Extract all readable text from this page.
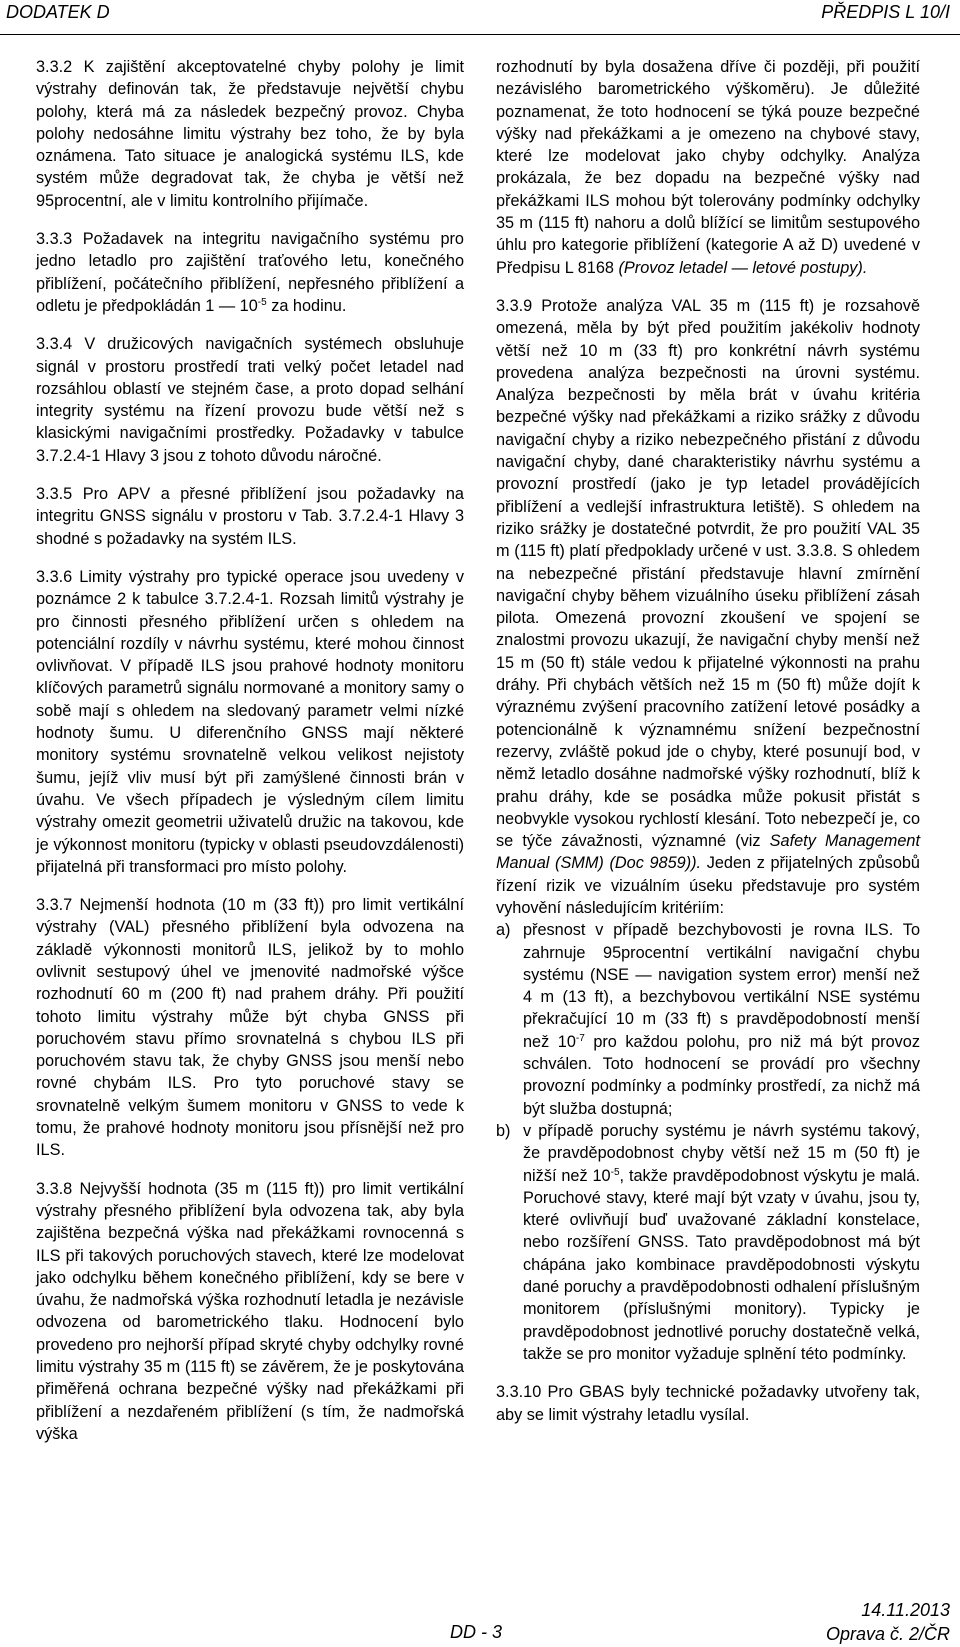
DODATEK D	PŘEDPIS L 10/I

3.3.2 K zajištění akceptovatelné chyby polohy je limit výstrahy definován tak, že představuje největší chybu polohy, která má za následek bezpečný provoz. Chyba polohy nedosáhne limitu výstrahy bez toho, že by byla oznámena. Tato situace je analogická systému ILS, kde systém může degradovat tak, že chyba je větší než 95procentní, ale v limitu kontrolního přijímače.

3.3.3 Požadavek na integritu navigačního systému pro jedno letadlo pro zajištění traťového letu, konečného přiblížení, počátečního přiblížení, nepřesného přiblížení a odletu je předpokládán 1 — $10^{-5}$ za hodinu.

3.3.4 V družicových navigačních systémech obsluhuje signál v prostoru prostředí trati velký počet letadel nad rozsáhlou oblastí ve stejném čase, a proto dopad selhání integrity systému na řízení provozu bude větší než s klasickými navigačními prostředky. Požadavky v tabulce 3.7.2.4-1 Hlavy 3 jsou z tohoto důvodu náročné.

3.3.5 Pro APV a přesné přiblížení jsou požadavky na integritu GNSS signálu v prostoru v Tab. 3.7.2.4-1 Hlavy 3 shodné s požadavky na systém ILS.

3.3.6 Limity výstrahy pro typické operace jsou uvedeny v poznámce 2 k tabulce 3.7.2.4-1. Rozsah limitů výstrahy je pro činnosti přesného přiblížení určen s ohledem na potenciální rozdíly v návrhu systému, které mohou činnost ovlivňovat. V případě ILS jsou prahové hodnoty monitoru klíčových parametrů signálu normované a monitory samy o sobě mají s ohledem na sledovaný parametr velmi nízké hodnoty šumu. U diferenčního GNSS mají některé monitory systému srovnatelně velkou velikost nejistoty šumu, jejíž vliv musí být při zamýšlené činnosti brán v úvahu. Ve všech případech je výsledným cílem limitu výstrahy omezit geometrii uživatelů družic na takovou, kde je výkonnost monitoru (typicky v oblasti pseudovzdálenosti) přijatelná při transformaci pro místo polohy.

3.3.7 Nejmenší hodnota (10 m (33 ft)) pro limit vertikální výstrahy (VAL) přesného přiblížení byla odvozena na základě výkonnosti monitorů ILS, jelikož by to mohlo ovlivnit sestupový úhel ve jmenovité nadmořské výšce rozhodnutí 60 m (200 ft) nad prahem dráhy. Při použití tohoto limitu výstrahy může být chyba GNSS při poruchovém stavu přímo srovnatelná s chybou ILS při poruchovém stavu tak, že chyby GNSS jsou menší nebo rovné chybám ILS. Pro tyto poruchové stavy se srovnatelně velkým šumem monitoru v GNSS to vede k tomu, že prahové hodnoty monitoru jsou přísnější než pro ILS.

3.3.8 Nejvyšší hodnota (35 m (115 ft)) pro limit vertikální výstrahy přesného přiblížení byla odvozena tak, aby byla zajištěna bezpečná výška nad překážkami rovnocenná s ILS při takových poruchových stavech, které lze modelovat jako odchylku během konečného přiblížení, kdy se bere v úvahu, že nadmořská výška rozhodnutí letadla je nezávisle odvozena od barometrického tlaku. Hodnocení bylo provedeno pro nejhorší případ skryté chyby odchylky rovné limitu výstrahy 35 m (115 ft) se závěrem, že je poskytována přiměřená ochrana bezpečné výšky nad překážkami při přiblížení a nezdařeném přiblížení (s tím, že nadmořská výška

rozhodnutí by byla dosažena dříve či později, při použití nezávislého barometrického výškoměru). Je důležité poznamenat, že toto hodnocení se týká pouze bezpečné výšky nad překážkami a je omezeno na chybové stavy, které lze modelovat jako chyby odchylky. Analýza prokázala, že bez dopadu na bezpečné výšky nad překážkami ILS mohou být tolerovány podmínky odchylky 35 m (115 ft) nahoru a dolů blížící se limitům sestupového úhlu pro kategorie přiblížení (kategorie A až D) uvedené v Předpisu L 8168 (Provoz letadel — letové postupy).

3.3.9 Protože analýza VAL 35 m (115 ft) je rozsahově omezená, měla by být před použitím jakékoliv hodnoty větší než 10 m (33 ft) pro konkrétní návrh systému provedena analýza bezpečnosti na úrovni systému. Analýza bezpečnosti by měla brát v úvahu kritéria bezpečné výšky nad překážkami a riziko srážky z důvodu navigační chyby a riziko nebezpečného přistání z důvodu navigační chyby, dané charakteristiky návrhu systému a provozní prostředí (jako je typ letadel provádějících přiblížení a vedlejší infrastruktura letiště). S ohledem na riziko srážky je dostatečné potvrdit, že pro použití VAL 35 m (115 ft) platí předpoklady určené v ust. 3.3.8. S ohledem na nebezpečné přistání představuje hlavní zmírnění navigační chyby během vizuálního úseku přiblížení zásah pilota. Omezená provozní zkoušení ve spojení se znalostmi provozu ukazují, že navigační chyby menší než 15 m (50 ft) stále vedou k přijatelné výkonnosti na prahu dráhy. Při chybách větších než 15 m (50 ft) může dojít k výraznému zvýšení pracovního zatížení letové posádky a potencionálně k významnému snížení bezpečnostní rezervy, zvláště pokud jde o chyby, které posunují bod, v němž letadlo dosáhne nadmořské výšky rozhodnutí, blíž k prahu dráhy, kde se posádka může pokusit přistát s neobvykle vysokou rychlostí klesání. Toto nebezpečí je, co se týče závažnosti, významné (viz Safety Management Manual (SMM) (Doc 9859)). Jeden z přijatelných způsobů řízení rizik ve vizuálním úseku představuje pro systém vyhovění následujícím kritériím:

a) přesnost v případě bezchybovosti je rovna ILS. To zahrnuje 95procentní vertikální navigační chybu systému (NSE — navigation system error) menší než 4 m (13 ft), a bezchybovou vertikální NSE systému překračující 10 m (33 ft) s pravděpodobností menší než $10^{-7}$ pro každou polohu, pro niž má být provoz schválen. Toto hodnocení se provádí pro všechny provozní podmínky a podmínky prostředí, za nichž má být služba dostupná;
b) v případě poruchy systému je návrh systému takový, že pravděpodobnost chyby větší než 15 m (50 ft) je nižší než $10^{-5}$, takže pravděpodobnost výskytu je malá. Poruchové stavy, které mají být vzaty v úvahu, jsou ty, které ovlivňují buď uvažované základní konstelace, nebo rozšíření GNSS. Tato pravděpodobnost má být chápána jako kombinace pravděpodobnosti výskytu dané poruchy a pravděpodobnosti odhalení příslušným monitorem (příslušnými monitory). Typicky je pravděpodobnost jednotlivé poruchy dostatečně velká, takže se pro monitor vyžaduje splnění této podmínky.

3.3.10 Pro GBAS byly technické požadavky utvořeny tak, aby se limit výstrahy letadlu vysílal.

DD - 3
14.11.2013
Oprava č. 2/ČR
